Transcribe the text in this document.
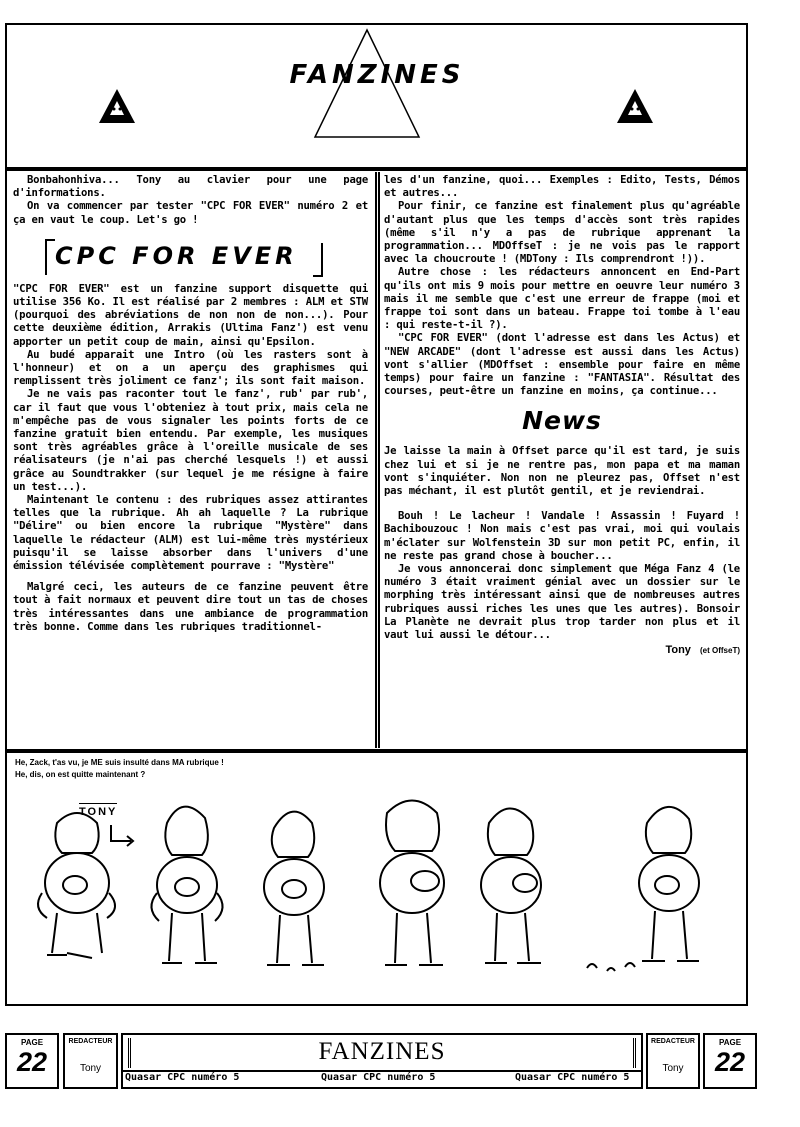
FANZINES

Bonbahonhiva... Tony au clavier pour une page d'informations.

On va commencer par tester "CPC FOR EVER" numéro 2 et ça en vaut le coup. Let's go !

CPC FOR EVER

"CPC FOR EVER" est un fanzine support disquette qui utilise 356 Ko. Il est réalisé par 2 membres : ALM et STW (pourquoi des abréviations de non non de non...). Pour cette deuxième édition, Arrakis (Ultima Fanz') est venu apporter un petit coup de main, ainsi qu'Epsilon.

Au budé apparait une Intro (où les rasters sont à l'honneur) et on a un aperçu des graphismes qui remplissent très joliment ce fanz'; ils sont fait maison.

Je ne vais pas raconter tout le fanz', rub' par rub', car il faut que vous l'obteniez à tout prix, mais cela ne m'empêche pas de vous signaler les points forts de ce fanzine gratuit bien entendu. Par exemple, les musiques sont très agréables grâce à l'oreille musicale de ses réalisateurs (je n'ai pas cherché lesquels !) et aussi grâce au Soundtrakker (sur lequel je me résigne à faire un test...).

Maintenant le contenu : des rubriques assez attirantes telles que la rubrique. Ah ah laquelle ? La rubrique "Délire" ou bien encore la rubrique "Mystère" dans laquelle le rédacteur (ALM) est lui-même très mystérieux puisqu'il se laisse absorber dans l'univers d'une émission télévisée complètement pourrave : "Mystère"

Malgré ceci, les auteurs de ce fanzine peuvent être tout à fait normaux et peuvent dire tout un tas de choses très intéressantes dans une ambiance de programmation très bonne. Comme dans les rubriques traditionnel-

les d'un fanzine, quoi... Exemples : Edito, Tests, Démos et autres...

Pour finir, ce fanzine est finalement plus qu'agréable d'autant plus que les temps d'accès sont très rapides (même s'il n'y a pas de rubrique apprenant la programmation... MDOffseT : je ne vois pas le rapport avec la choucroute ! (MDTony : Ils comprendront !)).

Autre chose : les rédacteurs annoncent en End-Part qu'ils ont mis 9 mois pour mettre en oeuvre leur numéro 3 mais il me semble que c'est une erreur de frappe (moi et frappe toi sont dans un bateau. Frappe toi tombe à l'eau : qui reste-t-il ?).

"CPC FOR EVER" (dont l'adresse est dans les Actus) et "NEW ARCADE" (dont l'adresse est aussi dans les Actus) vont s'allier (MDOffset : ensemble pour faire en même temps) pour faire un fanzine : "FANTASIA". Résultat des courses, peut-être un fanzine en moins, ça continue...

News

Je laisse la main à Offset parce qu'il est tard, je suis chez lui et si je ne rentre pas, mon papa et ma maman vont s'inquiéter. Non non ne pleurez pas, Offset n'est pas méchant, il est plutôt gentil, et je reviendrai.

Bouh ! Le lacheur ! Vandale ! Assassin ! Fuyard ! Bachibouzouc ! Non mais c'est pas vrai, moi qui voulais m'éclater sur Wolfenstein 3D sur mon petit PC, enfin, il ne reste pas grand chose à boucher...

Je vous annoncerai donc simplement que Méga Fanz 4 (le numéro 3 était vraiment génial avec un dossier sur le morphing très intéressant ainsi que de nombreuses autres rubriques aussi riches les unes que les autres). Bonsoir La Planète ne devrait plus trop tarder non plus et il vaut lui aussi le détour...

Tony (et OffseT)
He, Zack, t'as vu, je ME suis insulté dans MA rubrique !
He, dis, on est quitte maintenant ?
TONY
PAGE
22
REDACTEUR
Tony
FANZINES
Quasar CPC numéro 5	Quasar CPC numéro 5	Quasar CPC numéro 5
REDACTEUR
Tony
PAGE
22
